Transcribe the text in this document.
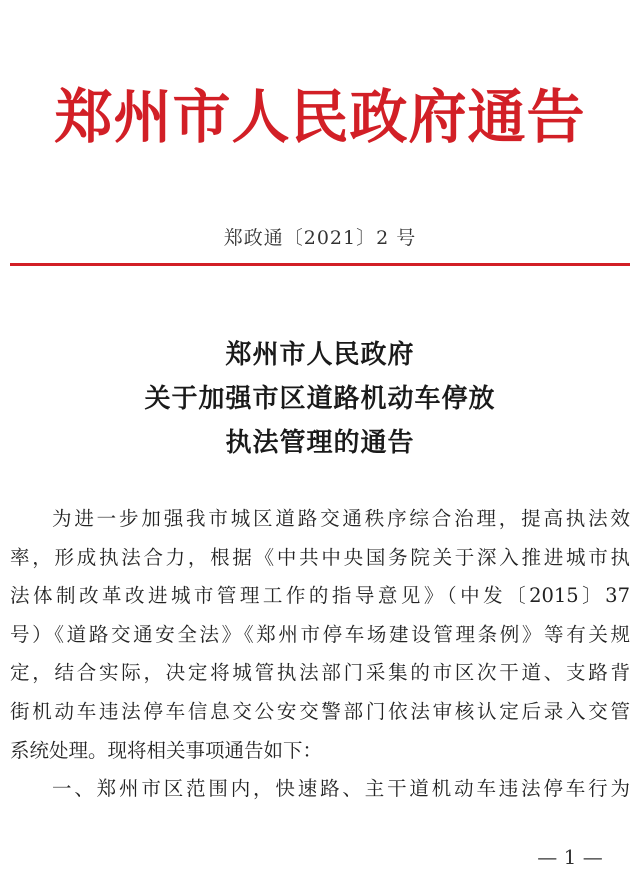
郑州市人民政府通告
郑政通〔2021〕2 号
郑州市人民政府
关于加强市区道路机动车停放
执法管理的通告
为进一步加强我市城区道路交通秩序综合治理，提高执法效
率，形成执法合力，根据《中共中央国务院关于深入推进城市执
法体制改革改进城市管理工作的指导意见》（中发〔2015〕37
号）《道路交通安全法》《郑州市停车场建设管理条例》等有关规
定，结合实际，决定将城管执法部门采集的市区次干道、支路背
街机动车违法停车信息交公安交警部门依法审核认定后录入交管
系统处理。现将相关事项通告如下：
一、郑州市区范围内，快速路、主干道机动车违法停车行为
— 1 —
